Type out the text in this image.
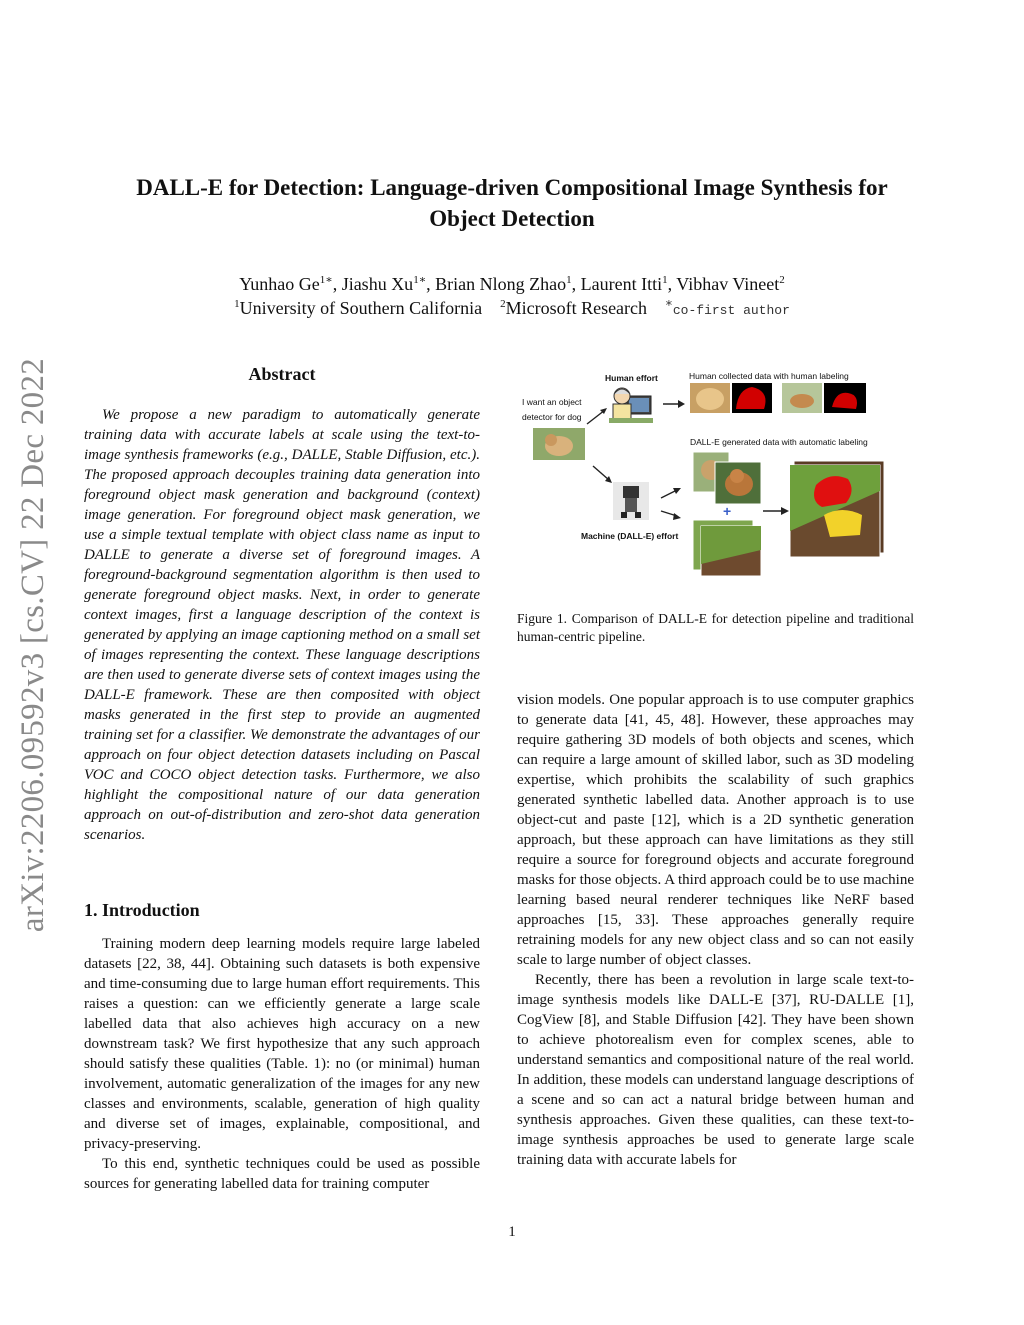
arXiv:2206.09592v3 [cs.CV] 22 Dec 2022
DALL-E for Detection: Language-driven Compositional Image Synthesis for
Object Detection
Yunhao $Ge^{1∗}$, Jiashu $Xu^{1∗}$, Brian Nlong Zhao$^1$, Laurent Itti$^1$, Vibhav Vineet$^2$
$^1$University of Southern California $^2$Microsoft Research ∗co-first author
Abstract
We propose a new paradigm to automatically generate training data with accurate labels at scale using the text-to-image synthesis frameworks (e.g., DALLE, Stable Diffusion, etc.). The proposed approach decouples training data generation into foreground object mask generation and background (context) image generation. For foreground object mask generation, we use a simple textual template with object class name as input to DALLE to generate a diverse set of foreground images. A foreground-background segmentation algorithm is then used to generate foreground object masks. Next, in order to generate context images, first a language description of the context is generated by applying an image captioning method on a small set of images representing the context. These language descriptions are then used to generate diverse sets of context images using the DALL-E framework. These are then composited with object masks generated in the first step to provide an augmented training set for a classifier. We demonstrate the advantages of our approach on four object detection datasets including on Pascal VOC and COCO object detection tasks. Furthermore, we also highlight the compositional nature of our data generation approach on out-of-distribution and zero-shot data generation scenarios.
1. Introduction

Training modern deep learning models require large labeled datasets [22, 38, 44]. Obtaining such datasets is both expensive and time-consuming due to large human effort requirements. This raises a question: can we efficiently generate a large scale labelled data that also achieves high accuracy on a new downstream task? We first hypothesize that any such approach should satisfy these qualities (Table. 1): no (or minimal) human involvement, automatic generalization of the images for any new classes and environments, scalable, generation of high quality and diverse set of images, explainable, compositional, and privacy-preserving.

To this end, synthetic techniques could be used as possible sources for generating labelled data for training computer

Human effort	Human collected data with human labeling
I want an object
detector for dog
DALL-E generated data with automatic labeling
Machine (DALL-E) effort
+
Figure 1. Comparison of DALL-E for detection pipeline and traditional human-centric pipeline.

vision models. One popular approach is to use computer graphics to generate data [41, 45, 48]. However, these approaches may require gathering 3D models of both objects and scenes, which can require a large amount of skilled labor, such as 3D modeling expertise, which prohibits the scalability of such graphics generated synthetic labelled data. Another approach is to use object-cut and paste [12], which is a 2D synthetic generation approach, but these approach can have limitations as they still require a source for foreground objects and accurate foreground masks for those objects. A third approach could be to use machine learning based neural renderer techniques like NeRF based approaches [15, 33]. These approaches generally require retraining models for any new object class and so can not easily scale to large number of object classes.

Recently, there has been a revolution in large scale text-to-image synthesis models like DALL-E [37], RU-DALLE [1], CogView [8], and Stable Diffusion [42]. They have been shown to achieve photorealism even for complex scenes, able to understand semantics and compositional nature of the real world. In addition, these models can understand language descriptions of a scene and so can act a natural bridge between human and synthesis approaches. Given these qualities, can these text-to-image synthesis approaches be used to generate large scale training data with accurate labels for

1
